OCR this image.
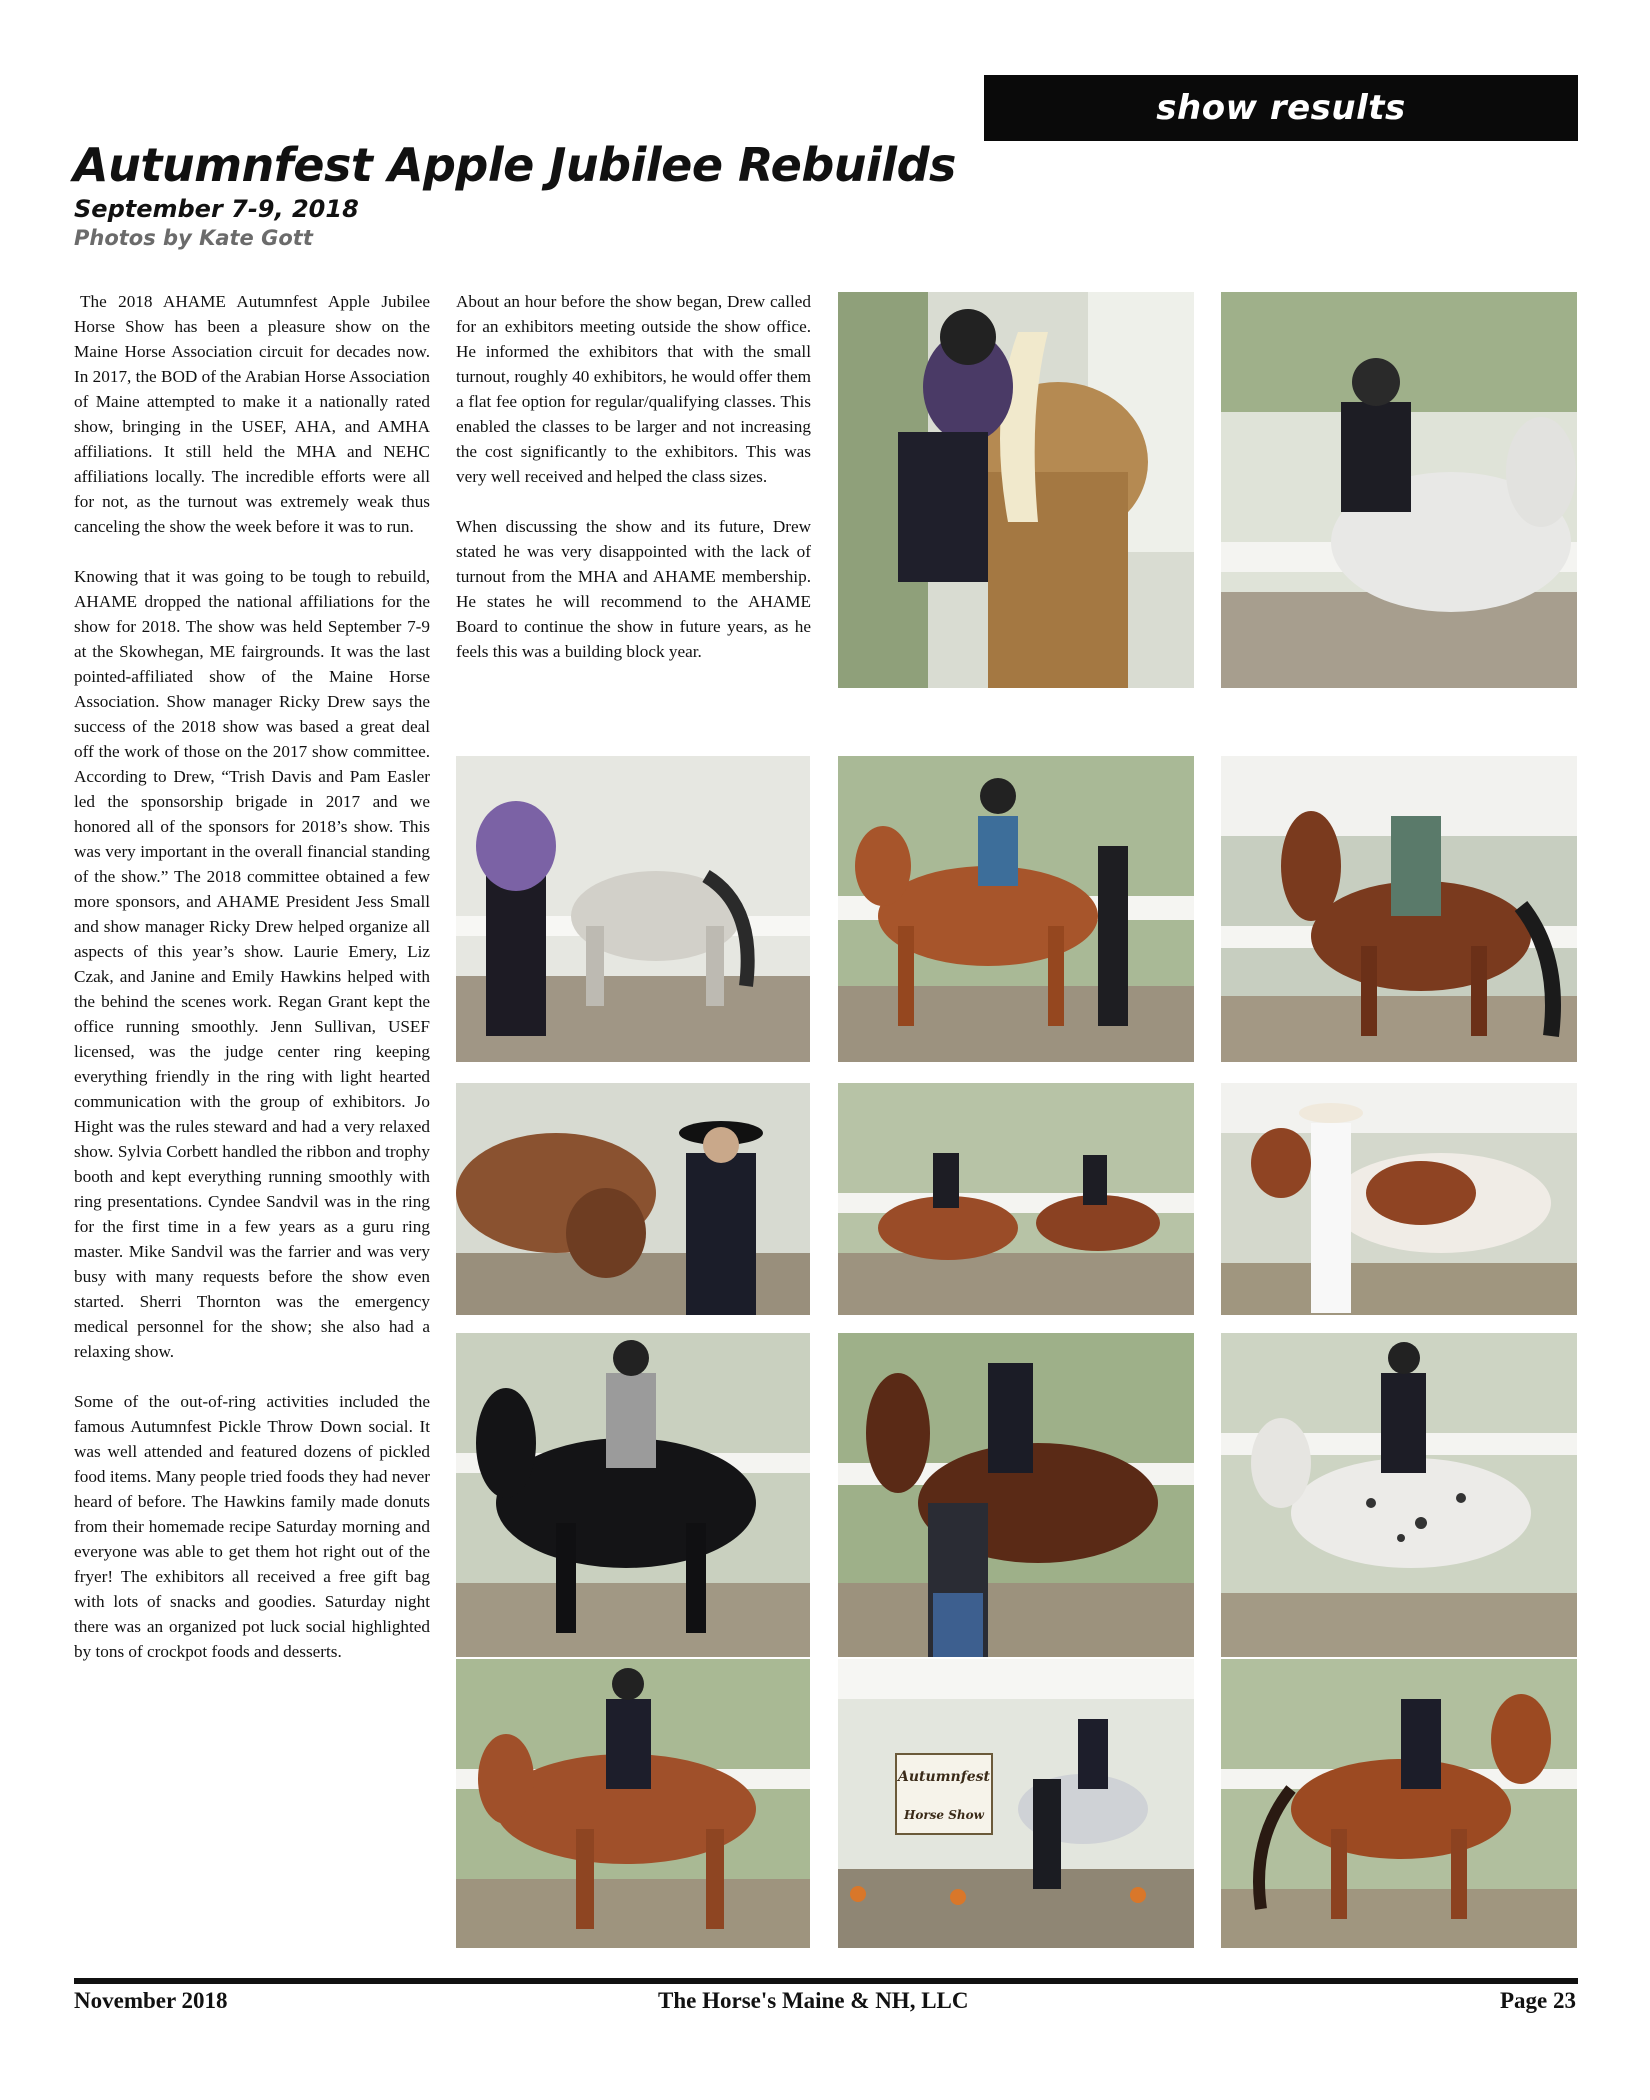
show results
Autumnfest Apple Jubilee Rebuilds
September 7-9, 2018
Photos by Kate Gott

The 2018 AHAME Autumnfest Apple Jubilee Horse Show has been a pleasure show on the Maine Horse Association circuit for decades now. In 2017, the BOD of the Arabian Horse Association of Maine attempted to make it a nationally rated show, bringing in the USEF, AHA, and AMHA affiliations. It still held the MHA and NEHC affiliations locally. The incredible efforts were all for not, as the turnout was extremely weak thus canceling the show the week before it was to run.

Knowing that it was going to be tough to rebuild, AHAME dropped the national affiliations for the show for 2018. The show was held September 7-9 at the Skowhegan, ME fairgrounds. It was the last pointed-affiliated show of the Maine Horse Association. Show manager Ricky Drew says the success of the 2018 show was based a great deal off the work of those on the 2017 show committee. According to Drew, “Trish Davis and Pam Easler led the sponsorship brigade in 2017 and we honored all of the sponsors for 2018’s show. This was very important in the overall financial standing of the show.” The 2018 committee obtained a few more sponsors, and AHAME President Jess Small and show manager Ricky Drew helped organize all aspects of this year’s show. Laurie Emery, Liz Czak, and Janine and Emily Hawkins helped with the behind the scenes work. Regan Grant kept the office running smoothly. Jenn Sullivan, USEF licensed, was the judge center ring keeping everything friendly in the ring with light hearted communication with the group of exhibitors. Jo Hight was the rules steward and had a very relaxed show. Sylvia Corbett handled the ribbon and trophy booth and kept everything running smoothly with ring presentations. Cyndee Sandvil was in the ring for the first time in a few years as a guru ring master. Mike Sandvil was the farrier and was very busy with many requests before the show even started. Sherri Thornton was the emergency medical personnel for the show; she also had a relaxing show.

Some of the out-of-ring activities included the famous Autumnfest Pickle Throw Down social. It was well attended and featured dozens of pickled food items. Many people tried foods they had never heard of before. The Hawkins family made donuts from their homemade recipe Saturday morning and everyone was able to get them hot right out of the fryer! The exhibitors all received a free gift bag with lots of snacks and goodies. Saturday night there was an organized pot luck social highlighted by tons of crockpot foods and desserts.

About an hour before the show began, Drew called for an exhibitors meeting outside the show office. He informed the exhibitors that with the small turnout, roughly 40 exhibitors, he would offer them a flat fee option for regular/qualifying classes. This enabled the classes to be larger and not increasing the cost significantly to the exhibitors. This was very well received and helped the class sizes.

When discussing the show and its future, Drew stated he was very disappointed with the lack of turnout from the MHA and AHAME membership. He states he will recommend to the AHAME Board to continue the show in future years, as he feels this was a building block year.

Autumnfest
Horse Show
November 2018	The Horse's Maine & NH, LLC	Page 23
